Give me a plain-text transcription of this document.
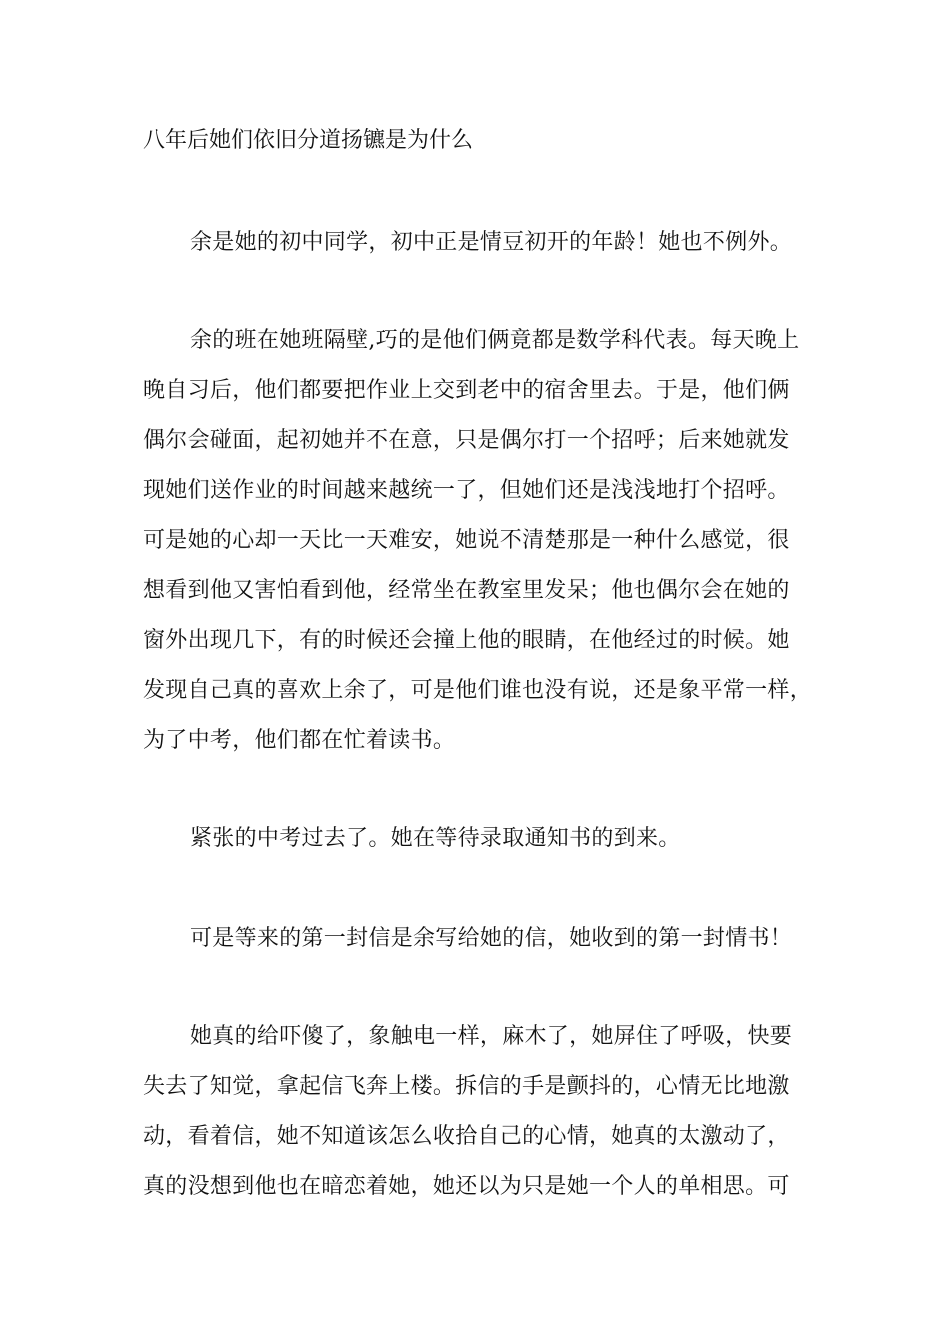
八年后她们依旧分道扬镳是为什么
余是她的初中同学，初中正是情豆初开的年龄！她也不例外。
余的班在她班隔壁,巧的是他们俩竟都是数学科代表。每天晚上
晚自习后，他们都要把作业上交到老中的宿舍里去。于是，他们俩
偶尔会碰面，起初她并不在意，只是偶尔打一个招呼；后来她就发
现她们送作业的时间越来越统一了，但她们还是浅浅地打个招呼。
可是她的心却一天比一天难安，她说不清楚那是一种什么感觉，很
想看到他又害怕看到他，经常坐在教室里发呆；他也偶尔会在她的
窗外出现几下，有的时候还会撞上他的眼睛，在他经过的时候。她
发现自己真的喜欢上余了，可是他们谁也没有说，还是象平常一样，
为了中考，他们都在忙着读书。
紧张的中考过去了。她在等待录取通知书的到来。
可是等来的第一封信是余写给她的信，她收到的第一封情书！
她真的给吓傻了，象触电一样，麻木了，她屏住了呼吸，快要
失去了知觉，拿起信飞奔上楼。拆信的手是颤抖的，心情无比地激
动，看着信，她不知道该怎么收拾自己的心情，她真的太激动了，
真的没想到他也在暗恋着她，她还以为只是她一个人的单相思。可
